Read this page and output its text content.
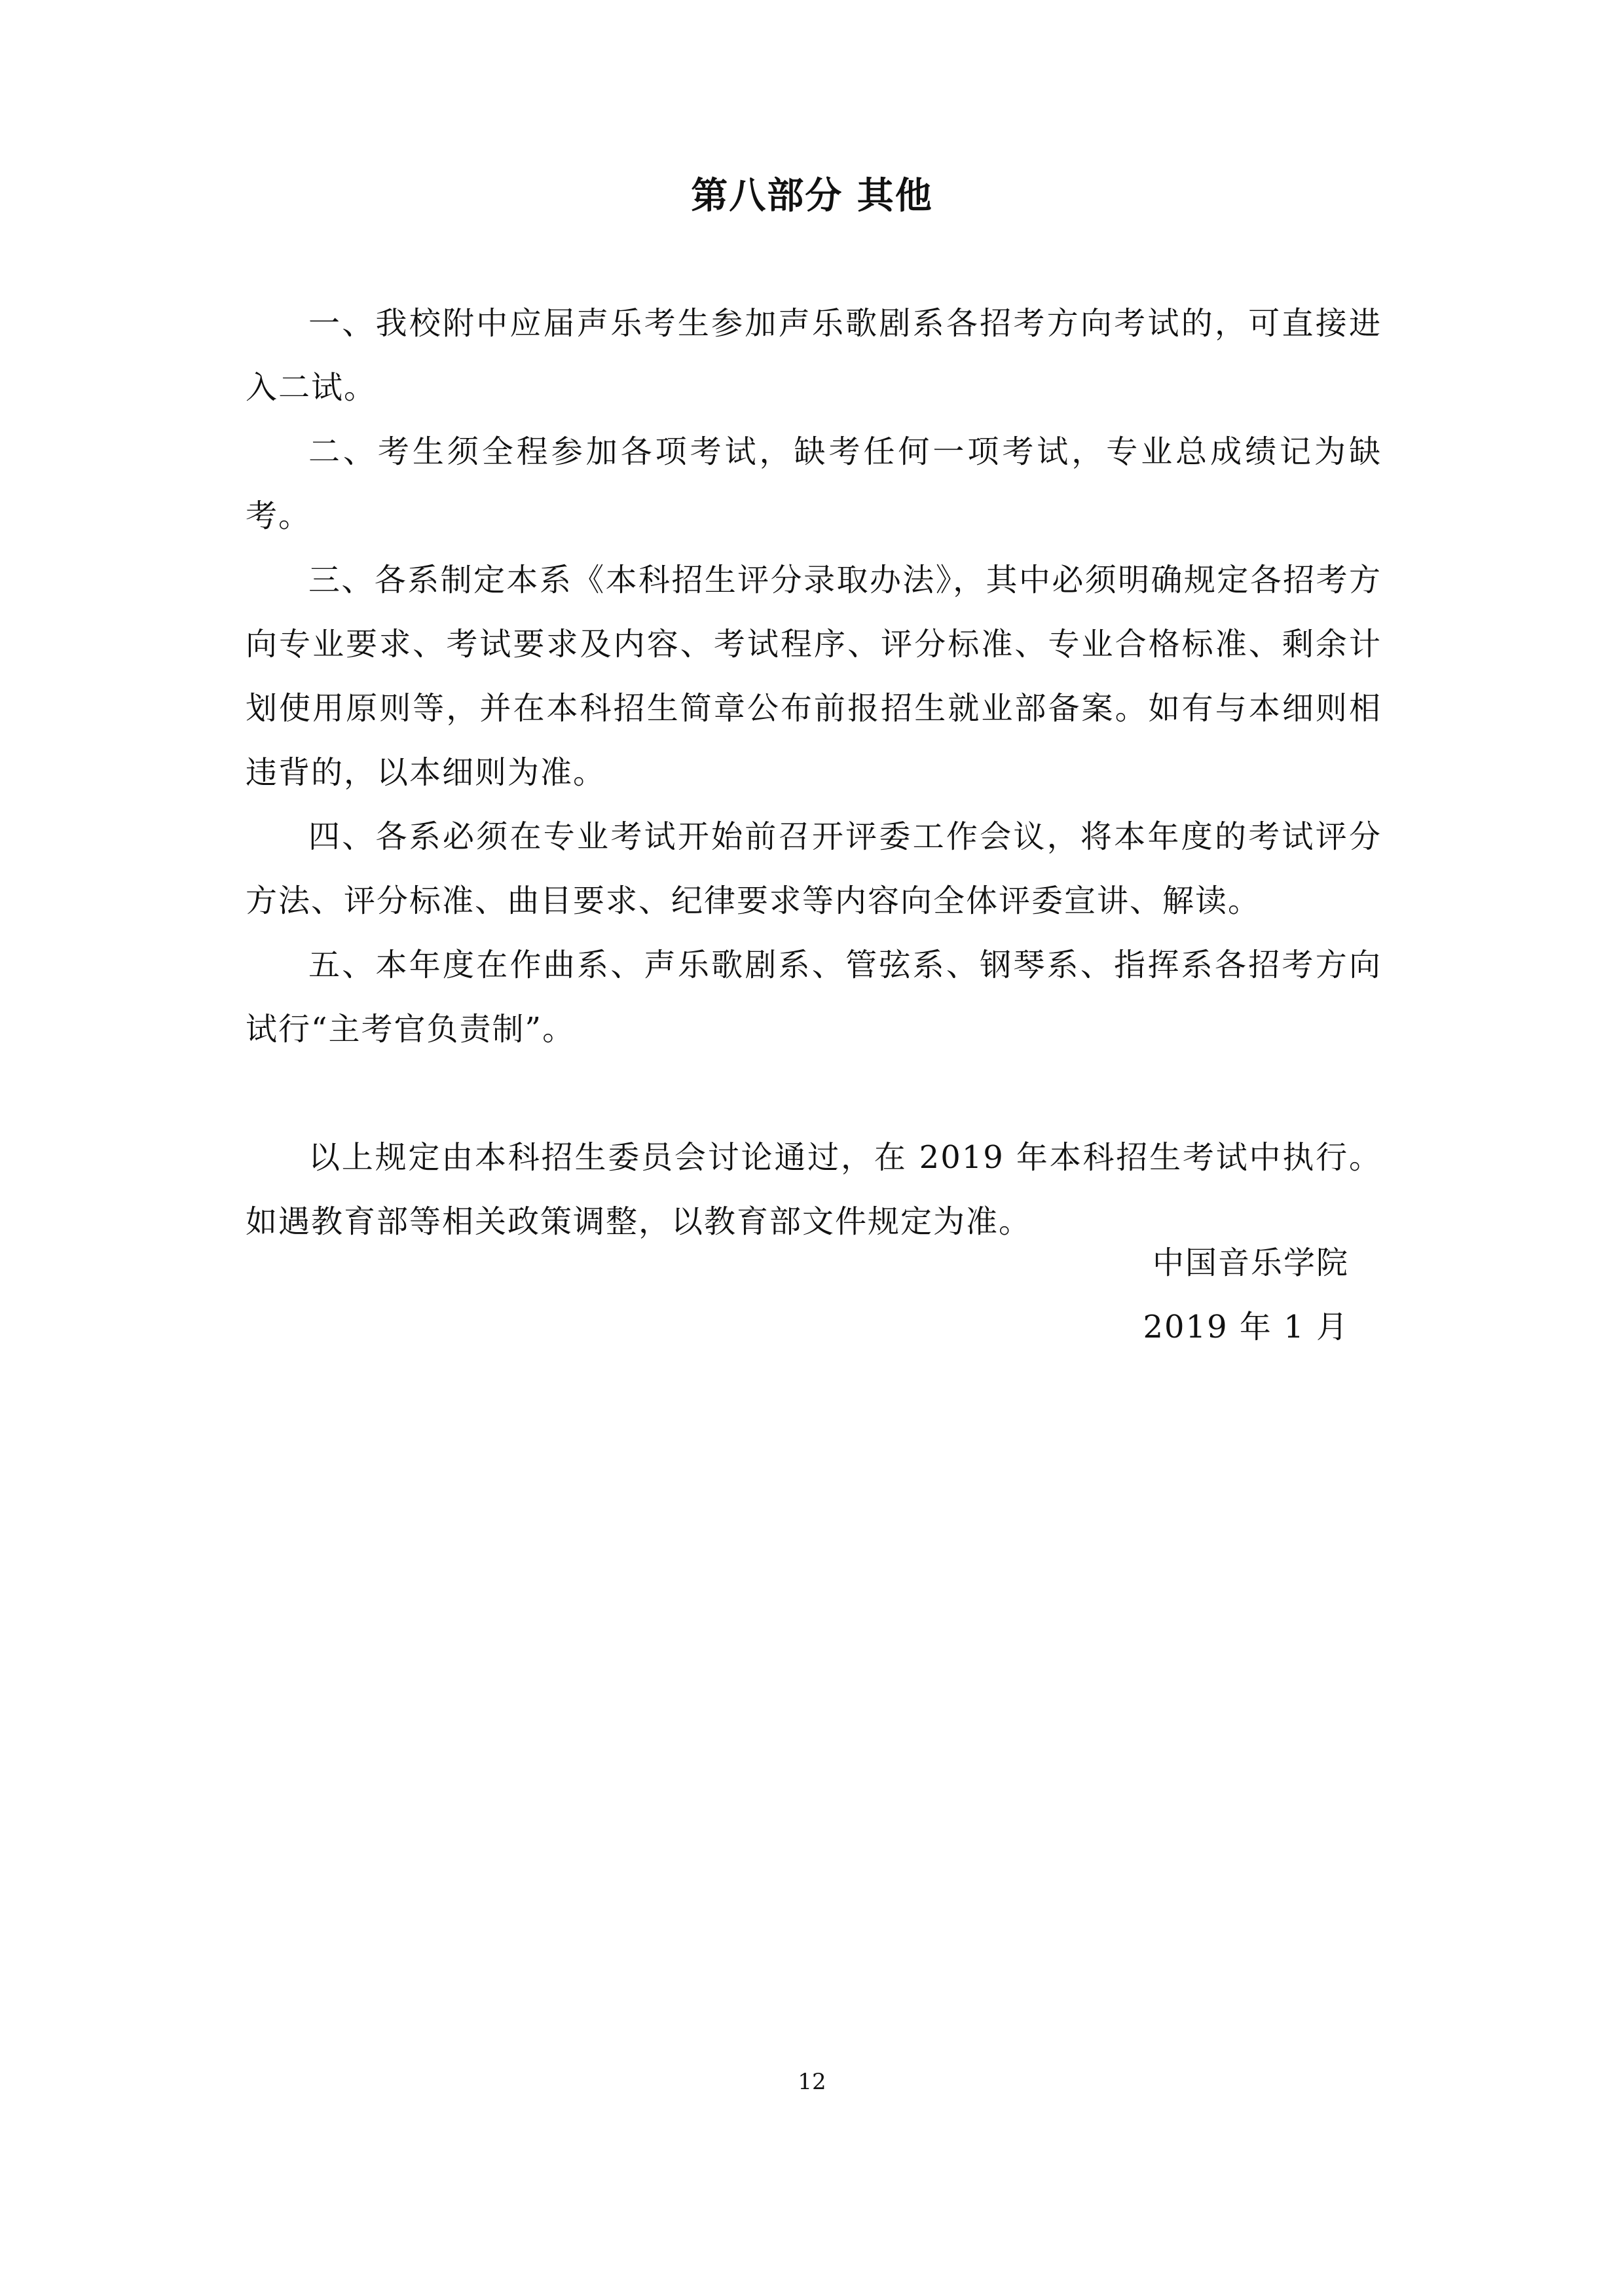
第八部分 其他

一、我校附中应届声乐考生参加声乐歌剧系各招考方向考试的，可直接进入二试。

二、考生须全程参加各项考试，缺考任何一项考试，专业总成绩记为缺考。

三、各系制定本系《本科招生评分录取办法》，其中必须明确规定各招考方向专业要求、考试要求及内容、考试程序、评分标准、专业合格标准、剩余计划使用原则等，并在本科招生简章公布前报招生就业部备案。如有与本细则相违背的，以本细则为准。

四、各系必须在专业考试开始前召开评委工作会议，将本年度的考试评分方法、评分标准、曲目要求、纪律要求等内容向全体评委宣讲、解读。

五、本年度在作曲系、声乐歌剧系、管弦系、钢琴系、指挥系各招考方向试行“主考官负责制”。

以上规定由本科招生委员会讨论通过，在 2019 年本科招生考试中执行。如遇教育部等相关政策调整，以教育部文件规定为准。

中国音乐学院

2019 年 1 月

12
